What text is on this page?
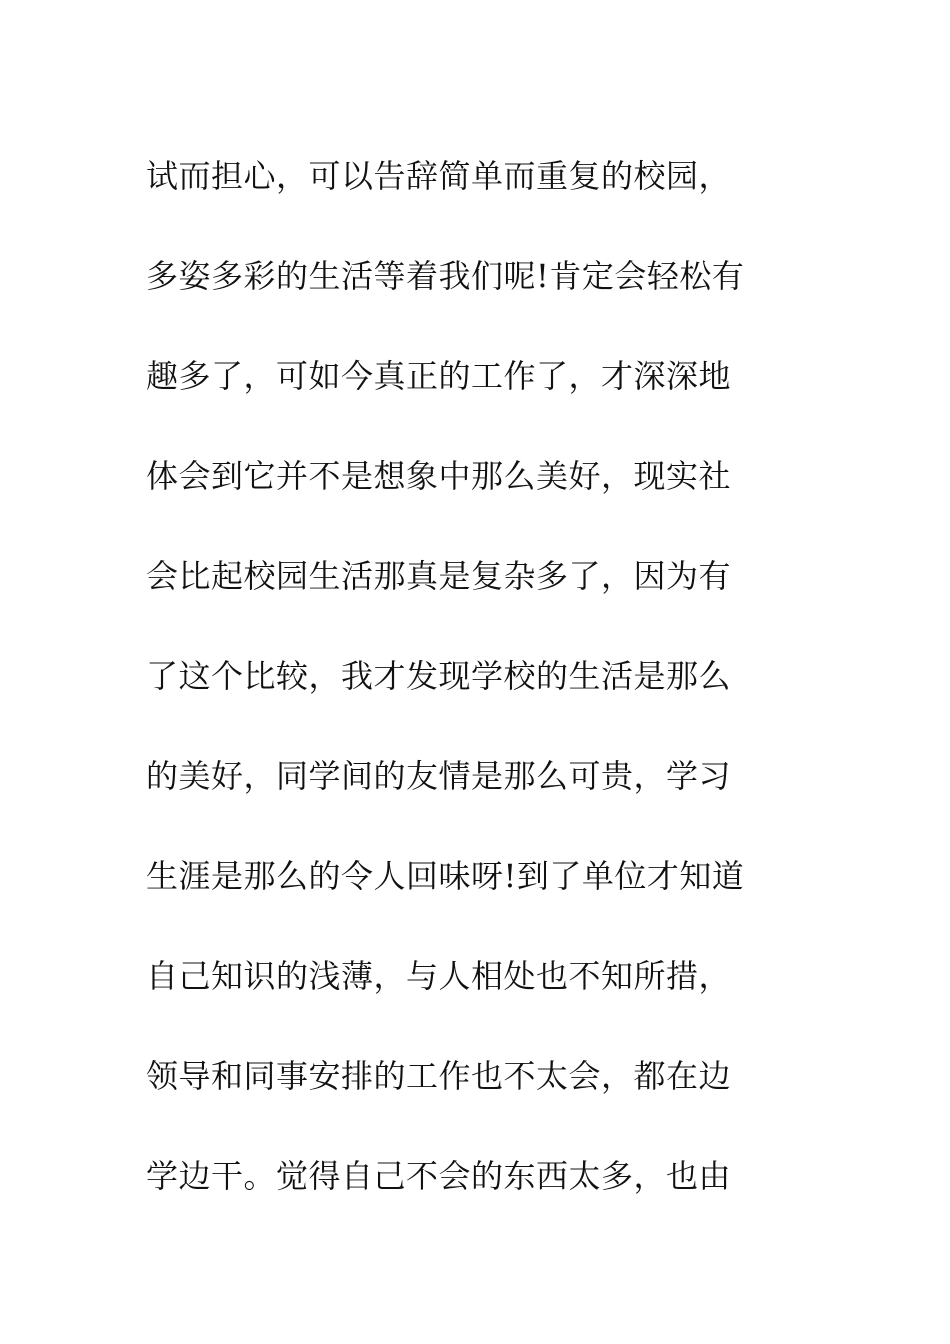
试而担心，可以告辞简单而重复的校园，

多姿多彩的生活等着我们呢!肯定会轻松有

趣多了，可如今真正的工作了，才深深地

体会到它并不是想象中那么美好，现实社

会比起校园生活那真是复杂多了，因为有

了这个比较，我才发现学校的生活是那么

的美好，同学间的友情是那么可贵，学习

生涯是那么的令人回味呀!到了单位才知道

自己知识的浅薄，与人相处也不知所措，

领导和同事安排的工作也不太会，都在边

学边干。觉得自己不会的东西太多，也由
